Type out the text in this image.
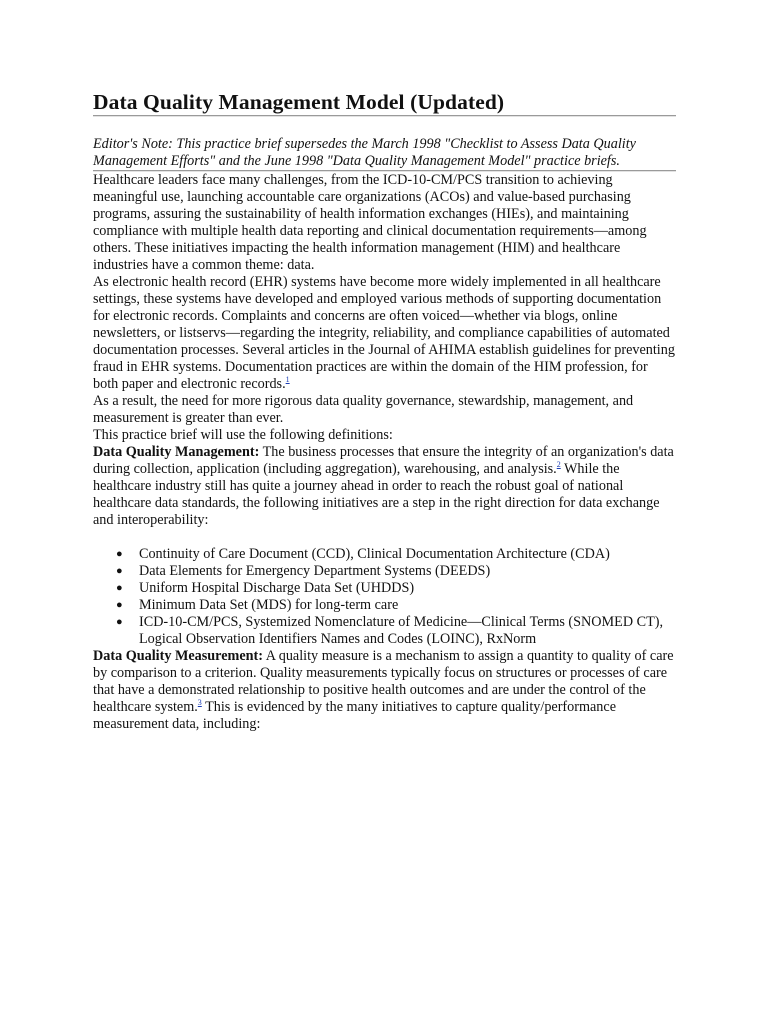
Data Quality Management Model (Updated)

Editor's Note: This practice brief supersedes the March 1998 "Checklist to Assess Data Quality Management Efforts" and the June 1998 "Data Quality Management Model" practice briefs.

Healthcare leaders face many challenges, from the ICD-10-CM/PCS transition to achieving meaningful use, launching accountable care organizations (ACOs) and value-based purchasing programs, assuring the sustainability of health information exchanges (HIEs), and maintaining compliance with multiple health data reporting and clinical documentation requirements—among others. These initiatives impacting the health information management (HIM) and healthcare industries have a common theme: data.

As electronic health record (EHR) systems have become more widely implemented in all healthcare settings, these systems have developed and employed various methods of supporting documentation for electronic records. Complaints and concerns are often voiced—whether via blogs, online newsletters, or listservs—regarding the integrity, reliability, and compliance capabilities of automated documentation processes. Several articles in the Journal of AHIMA establish guidelines for preventing fraud in EHR systems. Documentation practices are within the domain of the HIM profession, for both paper and electronic records.$^1$

As a result, the need for more rigorous data quality governance, stewardship, management, and measurement is greater than ever.

This practice brief will use the following definitions:

Data Quality Management: The business processes that ensure the integrity of an organization's data during collection, application (including aggregation), warehousing, and analysis.$^2$ While the healthcare industry still has quite a journey ahead in order to reach the robust goal of national healthcare data standards, the following initiatives are a step in the right direction for data exchange and interoperability:

● Continuity of Care Document (CCD), Clinical Documentation Architecture (CDA)
● Data Elements for Emergency Department Systems (DEEDS)
● Uniform Hospital Discharge Data Set (UHDDS)
● Minimum Data Set (MDS) for long-term care
● ICD-10-CM/PCS, Systemized Nomenclature of Medicine—Clinical Terms (SNOMED CT), Logical Observation Identifiers Names and Codes (LOINC), RxNorm

Data Quality Measurement: A quality measure is a mechanism to assign a quantity to quality of care by comparison to a criterion. Quality measurements typically focus on structures or processes of care that have a demonstrated relationship to positive health outcomes and are under the control of the healthcare system.$^3$ This is evidenced by the many initiatives to capture quality/performance measurement data, including:
